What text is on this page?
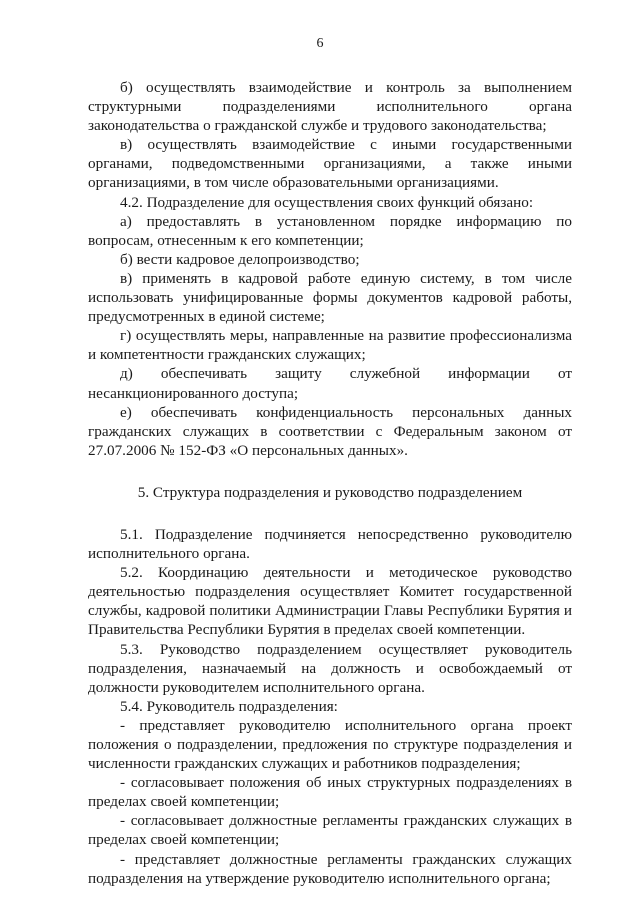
6

б) осуществлять взаимодействие и контроль за выполнением структурными подразделениями исполнительного органа законодательства о гражданской службе и трудового законодательства;

в) осуществлять взаимодействие с иными государственными органами, подведомственными организациями, а также иными организациями, в том числе образовательными организациями.

4.2. Подразделение для осуществления своих функций обязано:

а) предоставлять в установленном порядке информацию по вопросам, отнесенным к его компетенции;

б) вести кадровое делопроизводство;

в) применять в кадровой работе единую систему, в том числе использовать унифицированные формы документов кадровой работы, предусмотренных в единой системе;

г) осуществлять меры, направленные на развитие профессионализма и компетентности гражданских служащих;

д) обеспечивать защиту служебной информации от несанкционированного доступа;

е) обеспечивать конфиденциальность персональных данных гражданских служащих в соответствии с Федеральным законом от 27.07.2006 № 152-ФЗ «О персональных данных».

5. Структура подразделения и руководство подразделением

5.1. Подразделение подчиняется непосредственно руководителю исполнительного органа.

5.2. Координацию деятельности и методическое руководство деятельностью подразделения осуществляет Комитет государственной службы, кадровой политики Администрации Главы Республики Бурятия и Правительства Республики Бурятия в пределах своей компетенции.

5.3. Руководство подразделением осуществляет руководитель подразделения, назначаемый на должность и освобождаемый от должности руководителем исполнительного органа.

5.4. Руководитель подразделения:

- представляет руководителю исполнительного органа проект положения о подразделении, предложения по структуре подразделения и численности гражданских служащих и работников подразделения;

- согласовывает положения об иных структурных подразделениях в пределах своей компетенции;

- согласовывает должностные регламенты гражданских служащих в пределах своей компетенции;

- представляет должностные регламенты гражданских служащих подразделения на утверждение руководителю исполнительного органа;
